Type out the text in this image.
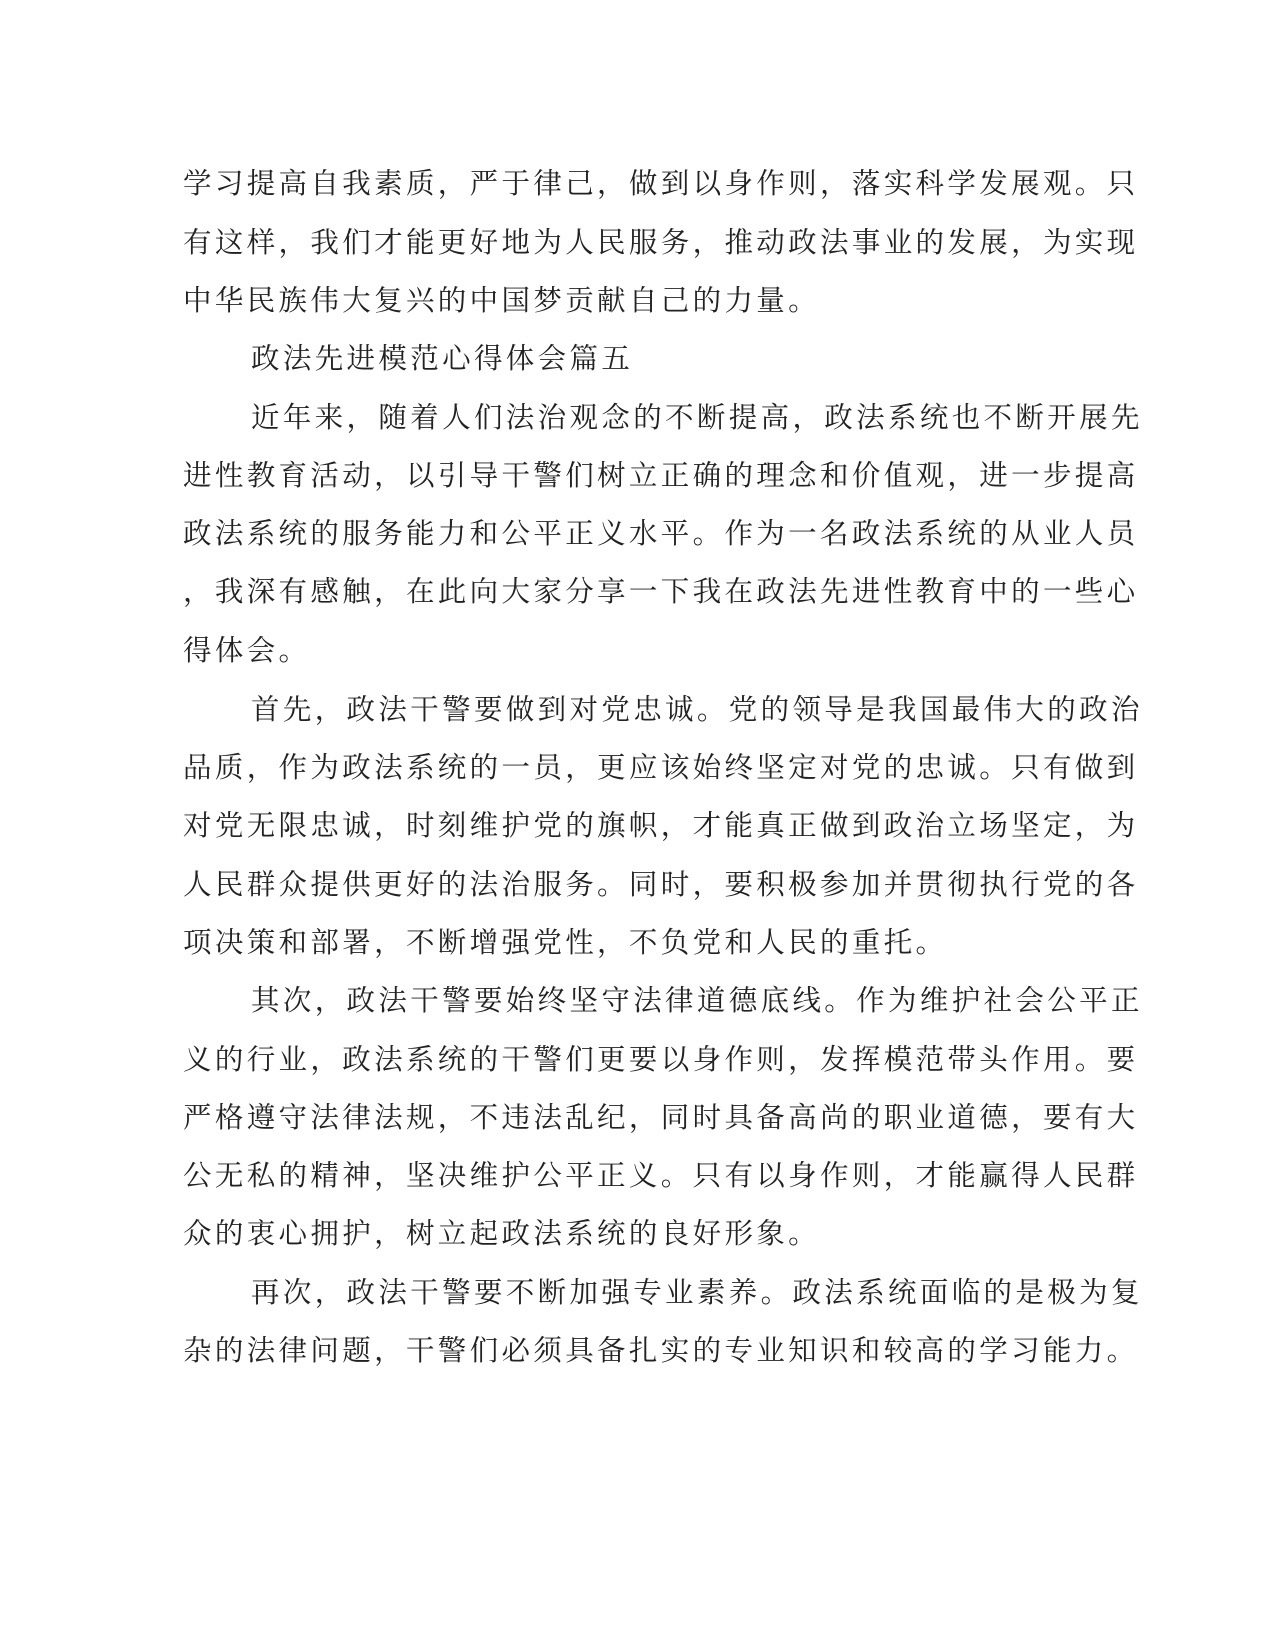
学习提高自我素质，严于律己，做到以身作则，落实科学发展观。只

有这样，我们才能更好地为人民服务，推动政法事业的发展，为实现

中华民族伟大复兴的中国梦贡献自己的力量。

政法先进模范心得体会篇五

近年来，随着人们法治观念的不断提高，政法系统也不断开展先

进性教育活动，以引导干警们树立正确的理念和价值观，进一步提高

政法系统的服务能力和公平正义水平。作为一名政法系统的从业人员

，我深有感触，在此向大家分享一下我在政法先进性教育中的一些心

得体会。

首先，政法干警要做到对党忠诚。党的领导是我国最伟大的政治

品质，作为政法系统的一员，更应该始终坚定对党的忠诚。只有做到

对党无限忠诚，时刻维护党的旗帜，才能真正做到政治立场坚定，为

人民群众提供更好的法治服务。同时，要积极参加并贯彻执行党的各

项决策和部署，不断增强党性，不负党和人民的重托。

其次，政法干警要始终坚守法律道德底线。作为维护社会公平正

义的行业，政法系统的干警们更要以身作则，发挥模范带头作用。要

严格遵守法律法规，不违法乱纪，同时具备高尚的职业道德，要有大

公无私的精神，坚决维护公平正义。只有以身作则，才能赢得人民群

众的衷心拥护，树立起政法系统的良好形象。

再次，政法干警要不断加强专业素养。政法系统面临的是极为复

杂的法律问题，干警们必须具备扎实的专业知识和较高的学习能力。
